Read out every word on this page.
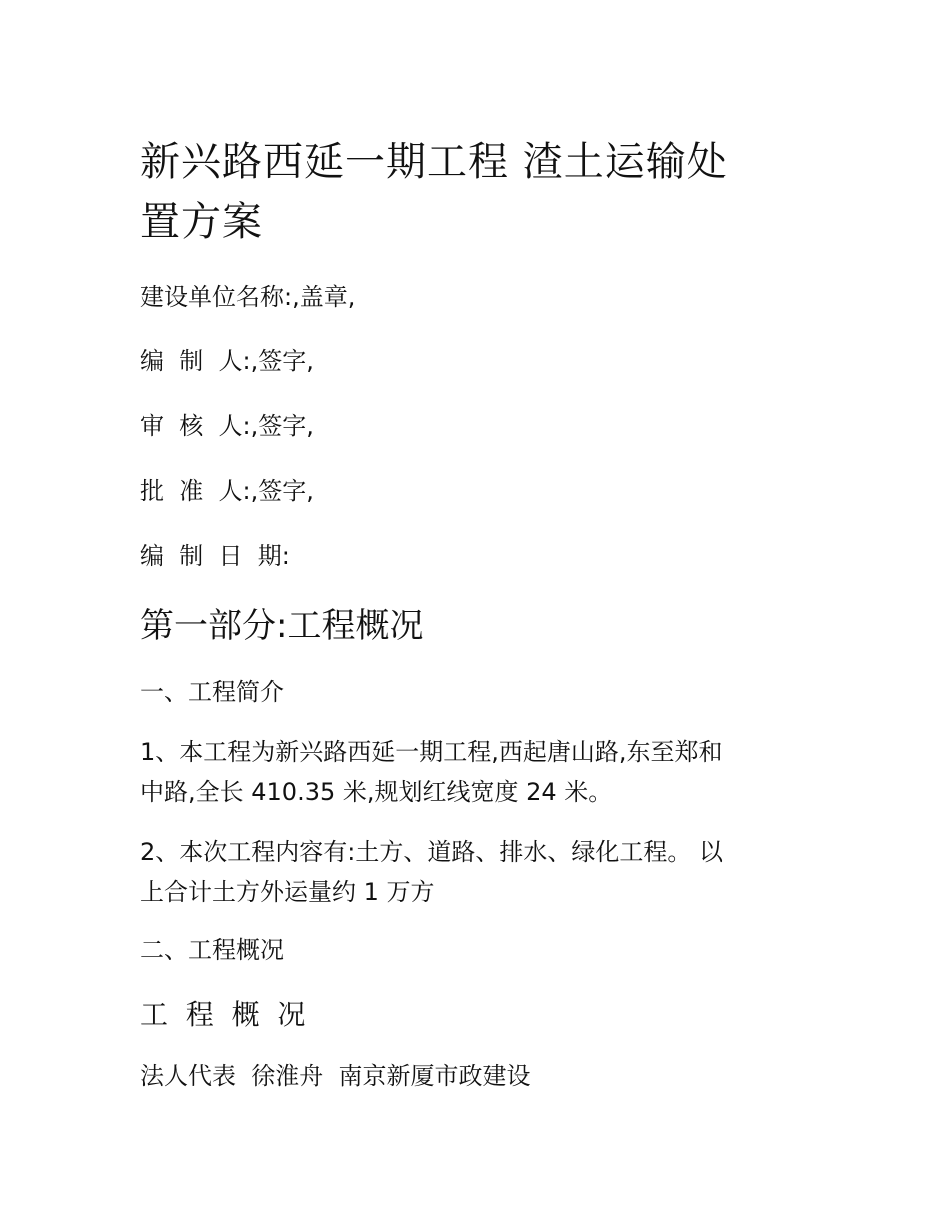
新兴路西延一期工程 渣土运输处
置方案
建设单位名称:,盖章,
编  制  人:,签字,
审  核  人:,签字,
批  准  人:,签字,
编  制  日  期:
第一部分:工程概况
一、工程简介
1、本工程为新兴路西延一期工程,西起唐山路,东至郑和
中路,全长 410.35 米,规划红线宽度 24 米。
2、本次工程内容有:土方、道路、排水、绿化工程。 以
上合计土方外运量约 1 万方
二、工程概况
工  程  概  况
法人代表  徐淮舟  南京新厦市政建设
